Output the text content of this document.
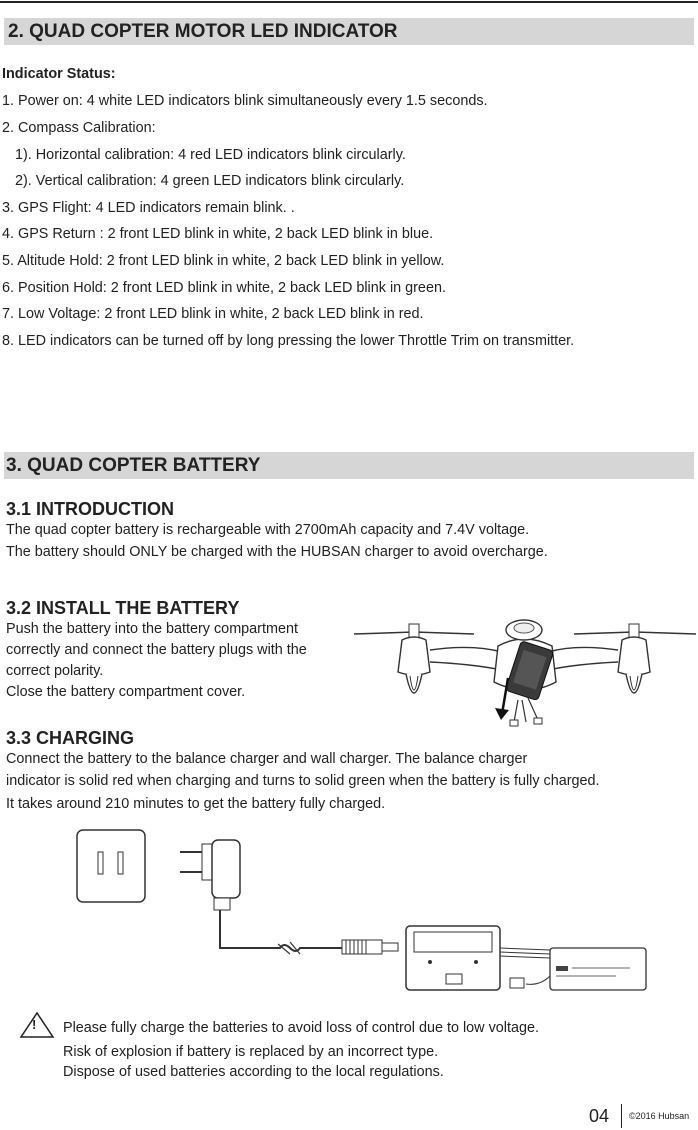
2. QUAD COPTER MOTOR LED INDICATOR
Indicator Status:
1. Power on: 4 white LED indicators blink simultaneously every 1.5 seconds.
2. Compass Calibration:
1). Horizontal calibration: 4 red LED indicators blink circularly.
2). Vertical calibration: 4 green LED indicators blink circularly.
3. GPS Flight: 4 LED indicators remain blink. .
4. GPS Return : 2 front LED blink in white, 2 back LED blink in blue.
5. Altitude Hold: 2 front LED blink in white, 2 back LED blink in yellow.
6. Position Hold: 2 front LED blink in white, 2 back LED blink in green.
7. Low Voltage: 2 front LED blink in white, 2 back LED blink in red.
8. LED indicators can be turned off by long pressing the lower Throttle Trim on transmitter.
3. QUAD COPTER BATTERY
3.1 INTRODUCTION
The quad copter battery is rechargeable with 2700mAh capacity and 7.4V voltage.
The battery should ONLY be charged with the HUBSAN charger to avoid overcharge.
3.2 INSTALL THE BATTERY
Push the battery into the battery compartment
correctly and connect the battery plugs with the
correct polarity.
Close the battery compartment cover.
3.3 CHARGING
Connect the battery to the balance charger and wall charger. The balance charger
indicator is solid red when charging and turns to solid green when the battery is fully charged.
It takes around 210 minutes to get the battery fully charged.
! Please fully charge the batteries to avoid loss of control due to low voltage.
Risk of explosion if battery is replaced by an incorrect type.
Dispose of used batteries according to the local regulations.
04 ©2016 Hubsan
